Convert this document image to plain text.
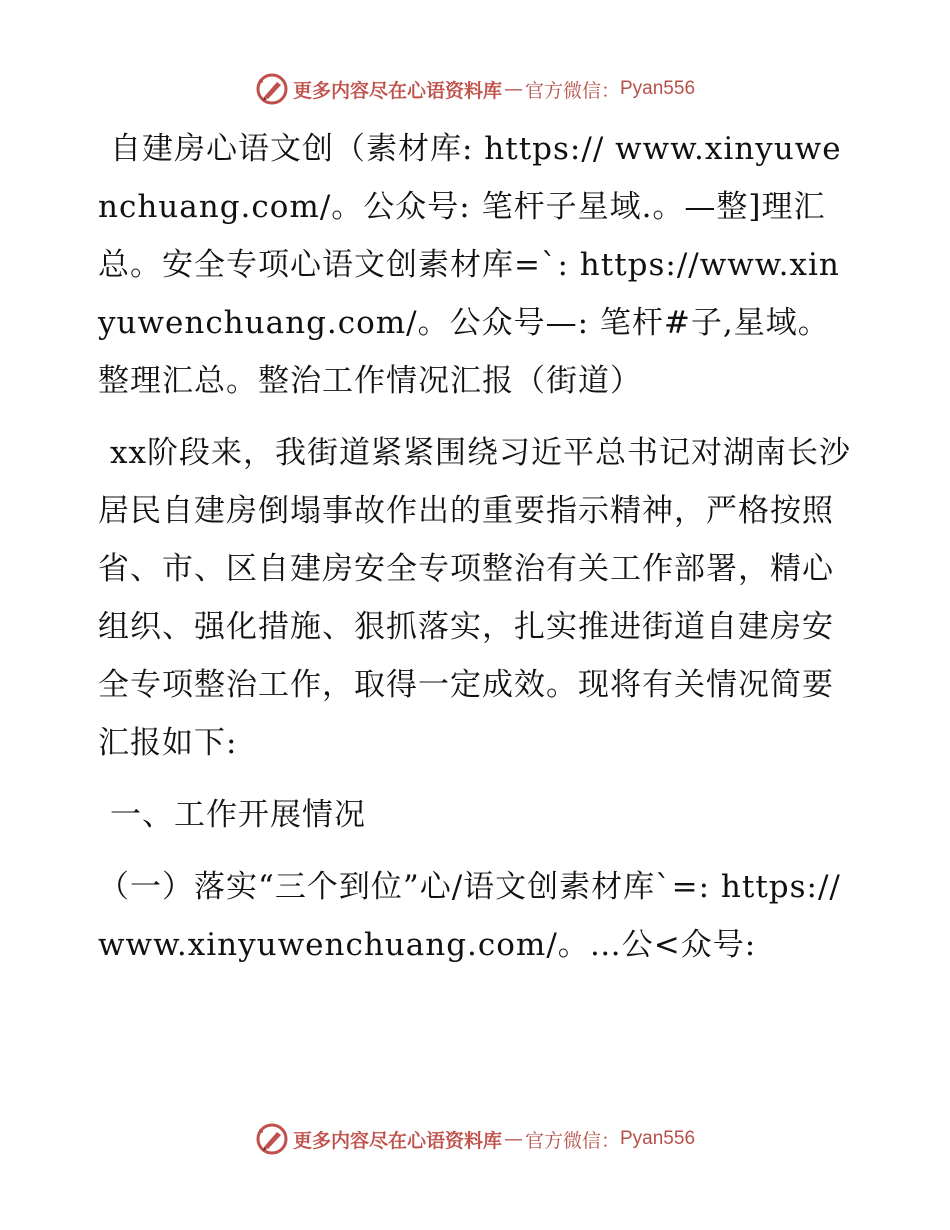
更多内容尽在心语资料库 — 官方微信： Pyan556

自建房心语文创（素材库: https:// www.xinyuwenchuang.com/。公众号: 笔杆子星域.。—整]理汇总。安全专项心语文创素材库=`: https://www.xinyuwenchuang.com/。公众号—: 笔杆#子,星域。整理汇总。整治工作情况汇报（街道）

xx阶段来，我街道紧紧围绕习近平总书记对湖南长沙居民自建房倒塌事故作出的重要指示精神，严格按照省、市、区自建房安全专项整治有关工作部署，精心组织、强化措施、狠抓落实，扎实推进街道自建房安全专项整治工作，取得一定成效。现将有关情况简要汇报如下:

一、工作开展情况

（一）落实“三个到位”心/语文创素材库`=: https://www.xinyuwenchuang.com/。…公<众号:

更多内容尽在心语资料库 — 官方微信： Pyan556
